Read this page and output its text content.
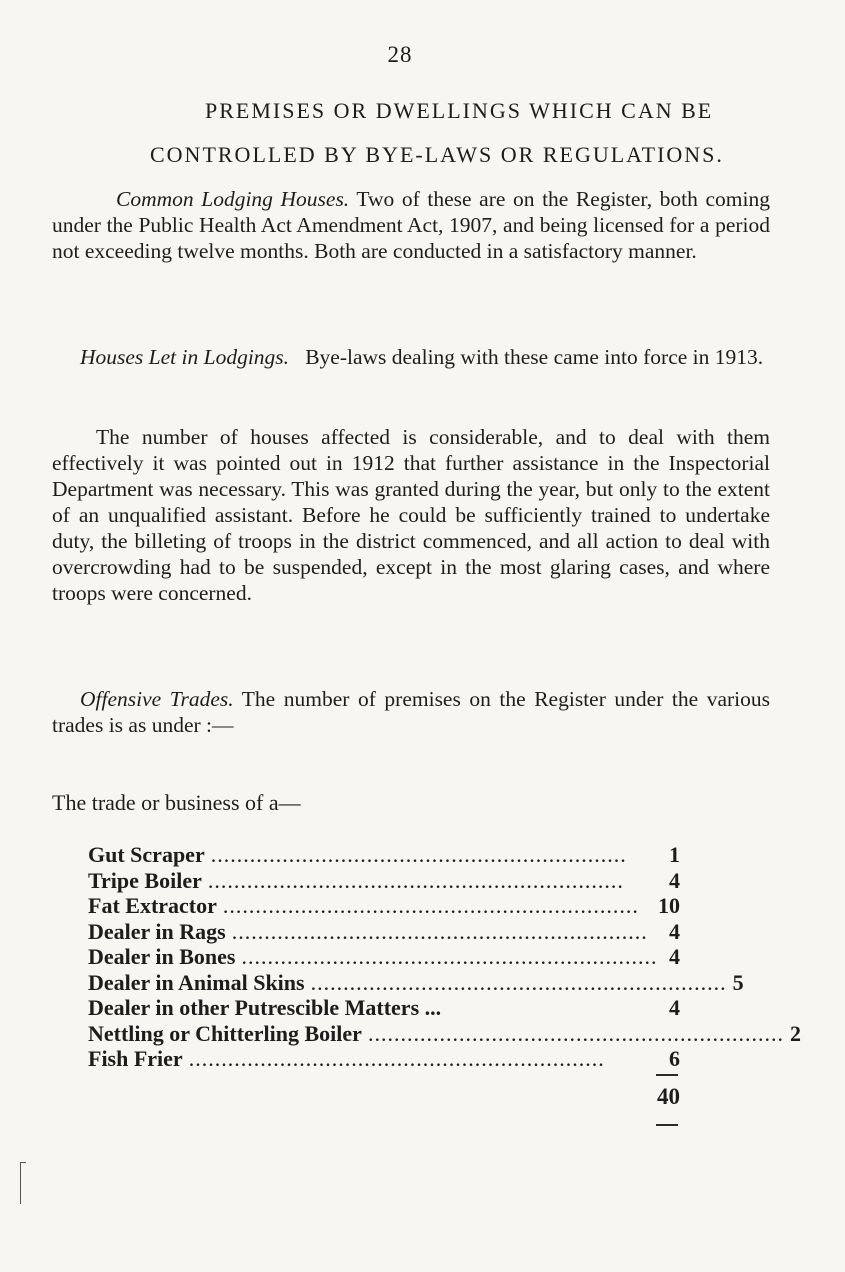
28
PREMISES OR DWELLINGS WHICH CAN BE
CONTROLLED BY BYE-LAWS OR REGULATIONS.

Common Lodging Houses. Two of these are on the Register, both coming under the Public Health Act Amendment Act, 1907, and being licensed for a period not exceeding twelve months. Both are conducted in a satisfactory manner.

Houses Let in Lodgings.   Bye-laws dealing with these came into force in 1913.

The number of houses affected is considerable, and to deal with them effectively it was pointed out in 1912 that further assistance in the Inspectorial Department was necessary. This was granted during the year, but only to the extent of an unqualified assistant. Before he could be sufficiently trained to undertake duty, the billeting of troops in the district commenced, and all action to deal with overcrowding had to be suspended, except in the most glaring cases, and where troops were concerned.

Offensive Trades. The number of premises on the Register under the various trades is as under :—

The trade or business of a—
Gut Scraper ................................................................	1
Tripe Boiler ................................................................	4
Fat Extractor ................................................................ 10
Dealer in Rags ................................................................ 4
Dealer in Bones ................................................................ 4
Dealer in Animal Skins ................................................................ 5
Dealer in other Putrescible Matters ...	4
Nettling or Chitterling Boiler ................................................................ 2
Fish Frier ................................................................	6
40
